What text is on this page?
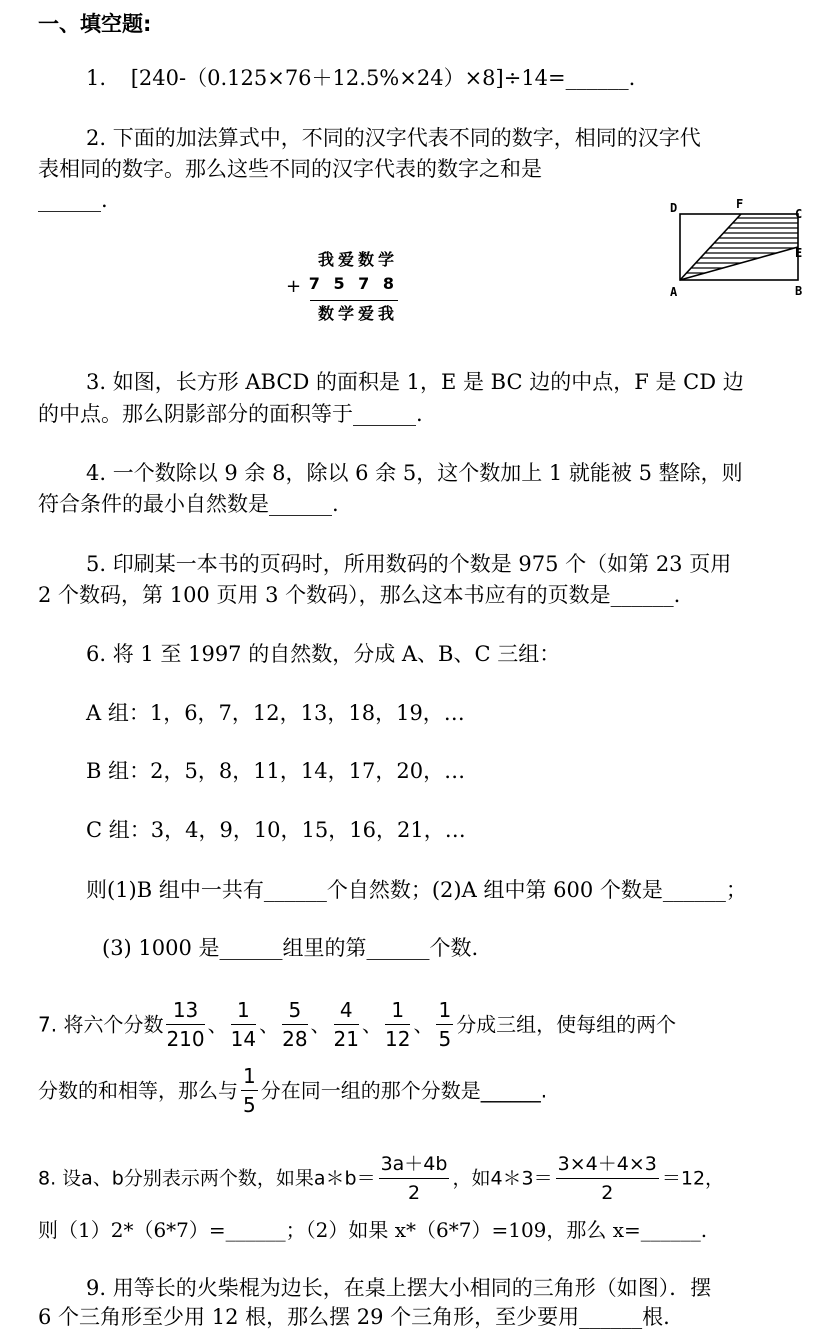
一、填空题:
1. [240-（0.125×76＋12.5%×24）×8]÷14=______.
2. 下面的加法算式中，不同的汉字代表不同的数字，相同的汉字代
表相同的数字。那么这些不同的汉字代表的数字之和是
______.
我爱数学
+ 7 5 7 8
数学爱我
D	F
C
E
A	B
3. 如图，长方形 ABCD 的面积是 1，E 是 BC 边的中点，F 是 CD 边
的中点。那么阴影部分的面积等于______.
4. 一个数除以 9 余 8，除以 6 余 5，这个数加上 1 就能被 5 整除，则
符合条件的最小自然数是______.
5. 印刷某一本书的页码时，所用数码的个数是 975 个（如第 23 页用
2 个数码，第 100 页用 3 个数码），那么这本书应有的页数是______.
6. 将 1 至 1997 的自然数，分成 A、B、C 三组：
A 组：1，6，7，12，13，18，19，…
B 组：2，5，8，11，14，17，20，…
C 组：3，4，9，10，15，16，21，…
则(1)B 组中一共有______个自然数；(2)A 组中第 600 个数是______；
(3) 1000 是______组里的第______个数.
7. 将六个分数 $\frac{13}{210}$ 、 $\frac{1}{14}$ 、 $\frac{5}{28}$ 、 $\frac{4}{21}$ 、 $\frac{1}{12}$ 、 $\frac{1}{5}$ 分成三组，使每组的两个
分数的和相等，那么与 $\frac{1}{5}$ 分在同一组的那个分数是______.
8. 设a、b分别表示两个数，如果a＊b＝ $\frac{3a+4b}{2}$ ，如4＊3＝ $\frac{3\times 4+4\times 3}{2} =12$，
则（1）2*（6*7）=______；（2）如果 x*（6*7）=109，那么 x=______.
9. 用等长的火柴棍为边长，在桌上摆大小相同的三角形（如图）．摆
6 个三角形至少用 12 根，那么摆 29 个三角形，至少要用______根.
